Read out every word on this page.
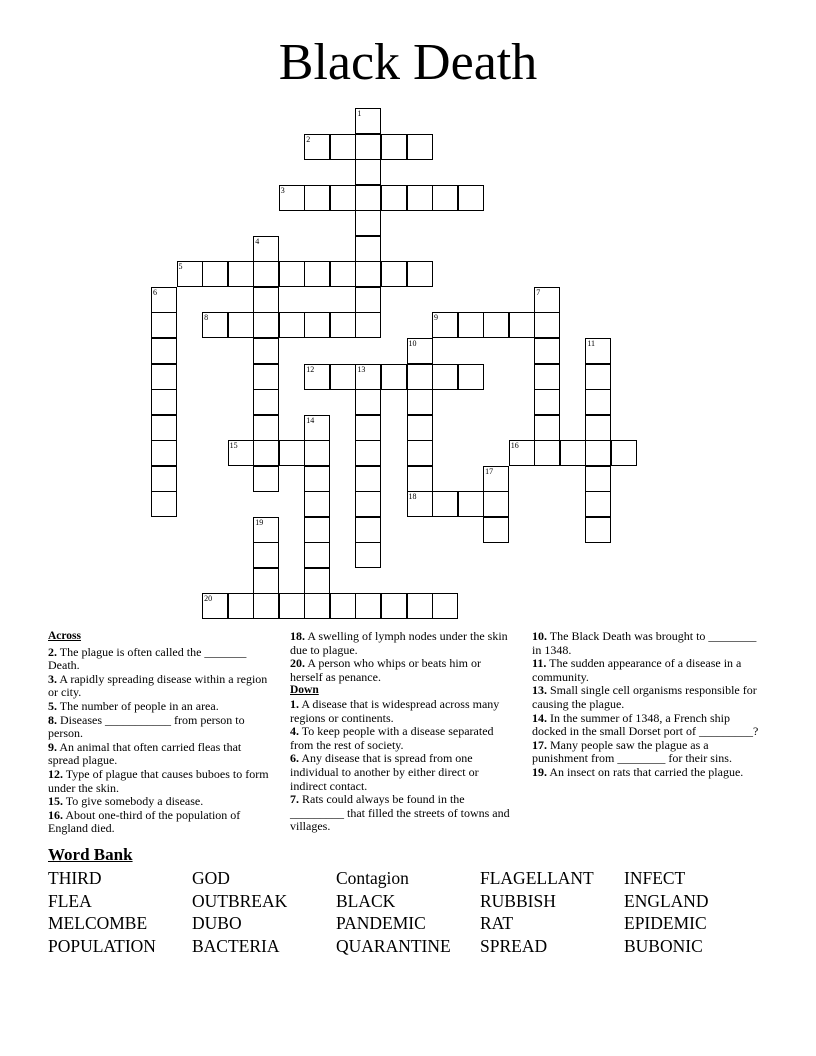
Black Death
1
2
3
4
5
6	7
8	9
10
18
11
12	13
14
15	16
17
19
20
Across
2. The plague is often called the _______ Death.
3. A rapidly spreading disease within a region or city.
5. The number of people in an area.
8. Diseases ___________ from person to person.
9. An animal that often carried fleas that spread plague.
12. Type of plague that causes buboes to form under the skin.
15. To give somebody a disease.
16. About one-third of the population of England died.
18. A swelling of lymph nodes under the skin due to plague.
20. A person who whips or beats him or herself as penance.
Down
1. A disease that is widespread across many regions or continents.
4. To keep people with a disease separated from the rest of society.
6. Any disease that is spread from one individual to another by either direct or indirect contact.
7. Rats could always be found in the _________ that filled the streets of towns and villages.
10. The Black Death was brought to ________ in 1348.
11. The sudden appearance of a disease in a community.
13. Small single cell organisms responsible for causing the plague.
14. In the summer of 1348, a French ship docked in the small Dorset port of _________?
17. Many people saw the plague as a punishment from ________ for their sins.
19. An insect on rats that carried the plague.
Word Bank
THIRD	GOD	Contagion	FLAGELLANT INFECT
FLEA	OUTBREAK	BLACK	RUBBISH	ENGLAND
MELCOMBE	DUBO	PANDEMIC	RAT	EPIDEMIC
POPULATION BACTERIA	QUARANTINE SPREAD	BUBONIC
